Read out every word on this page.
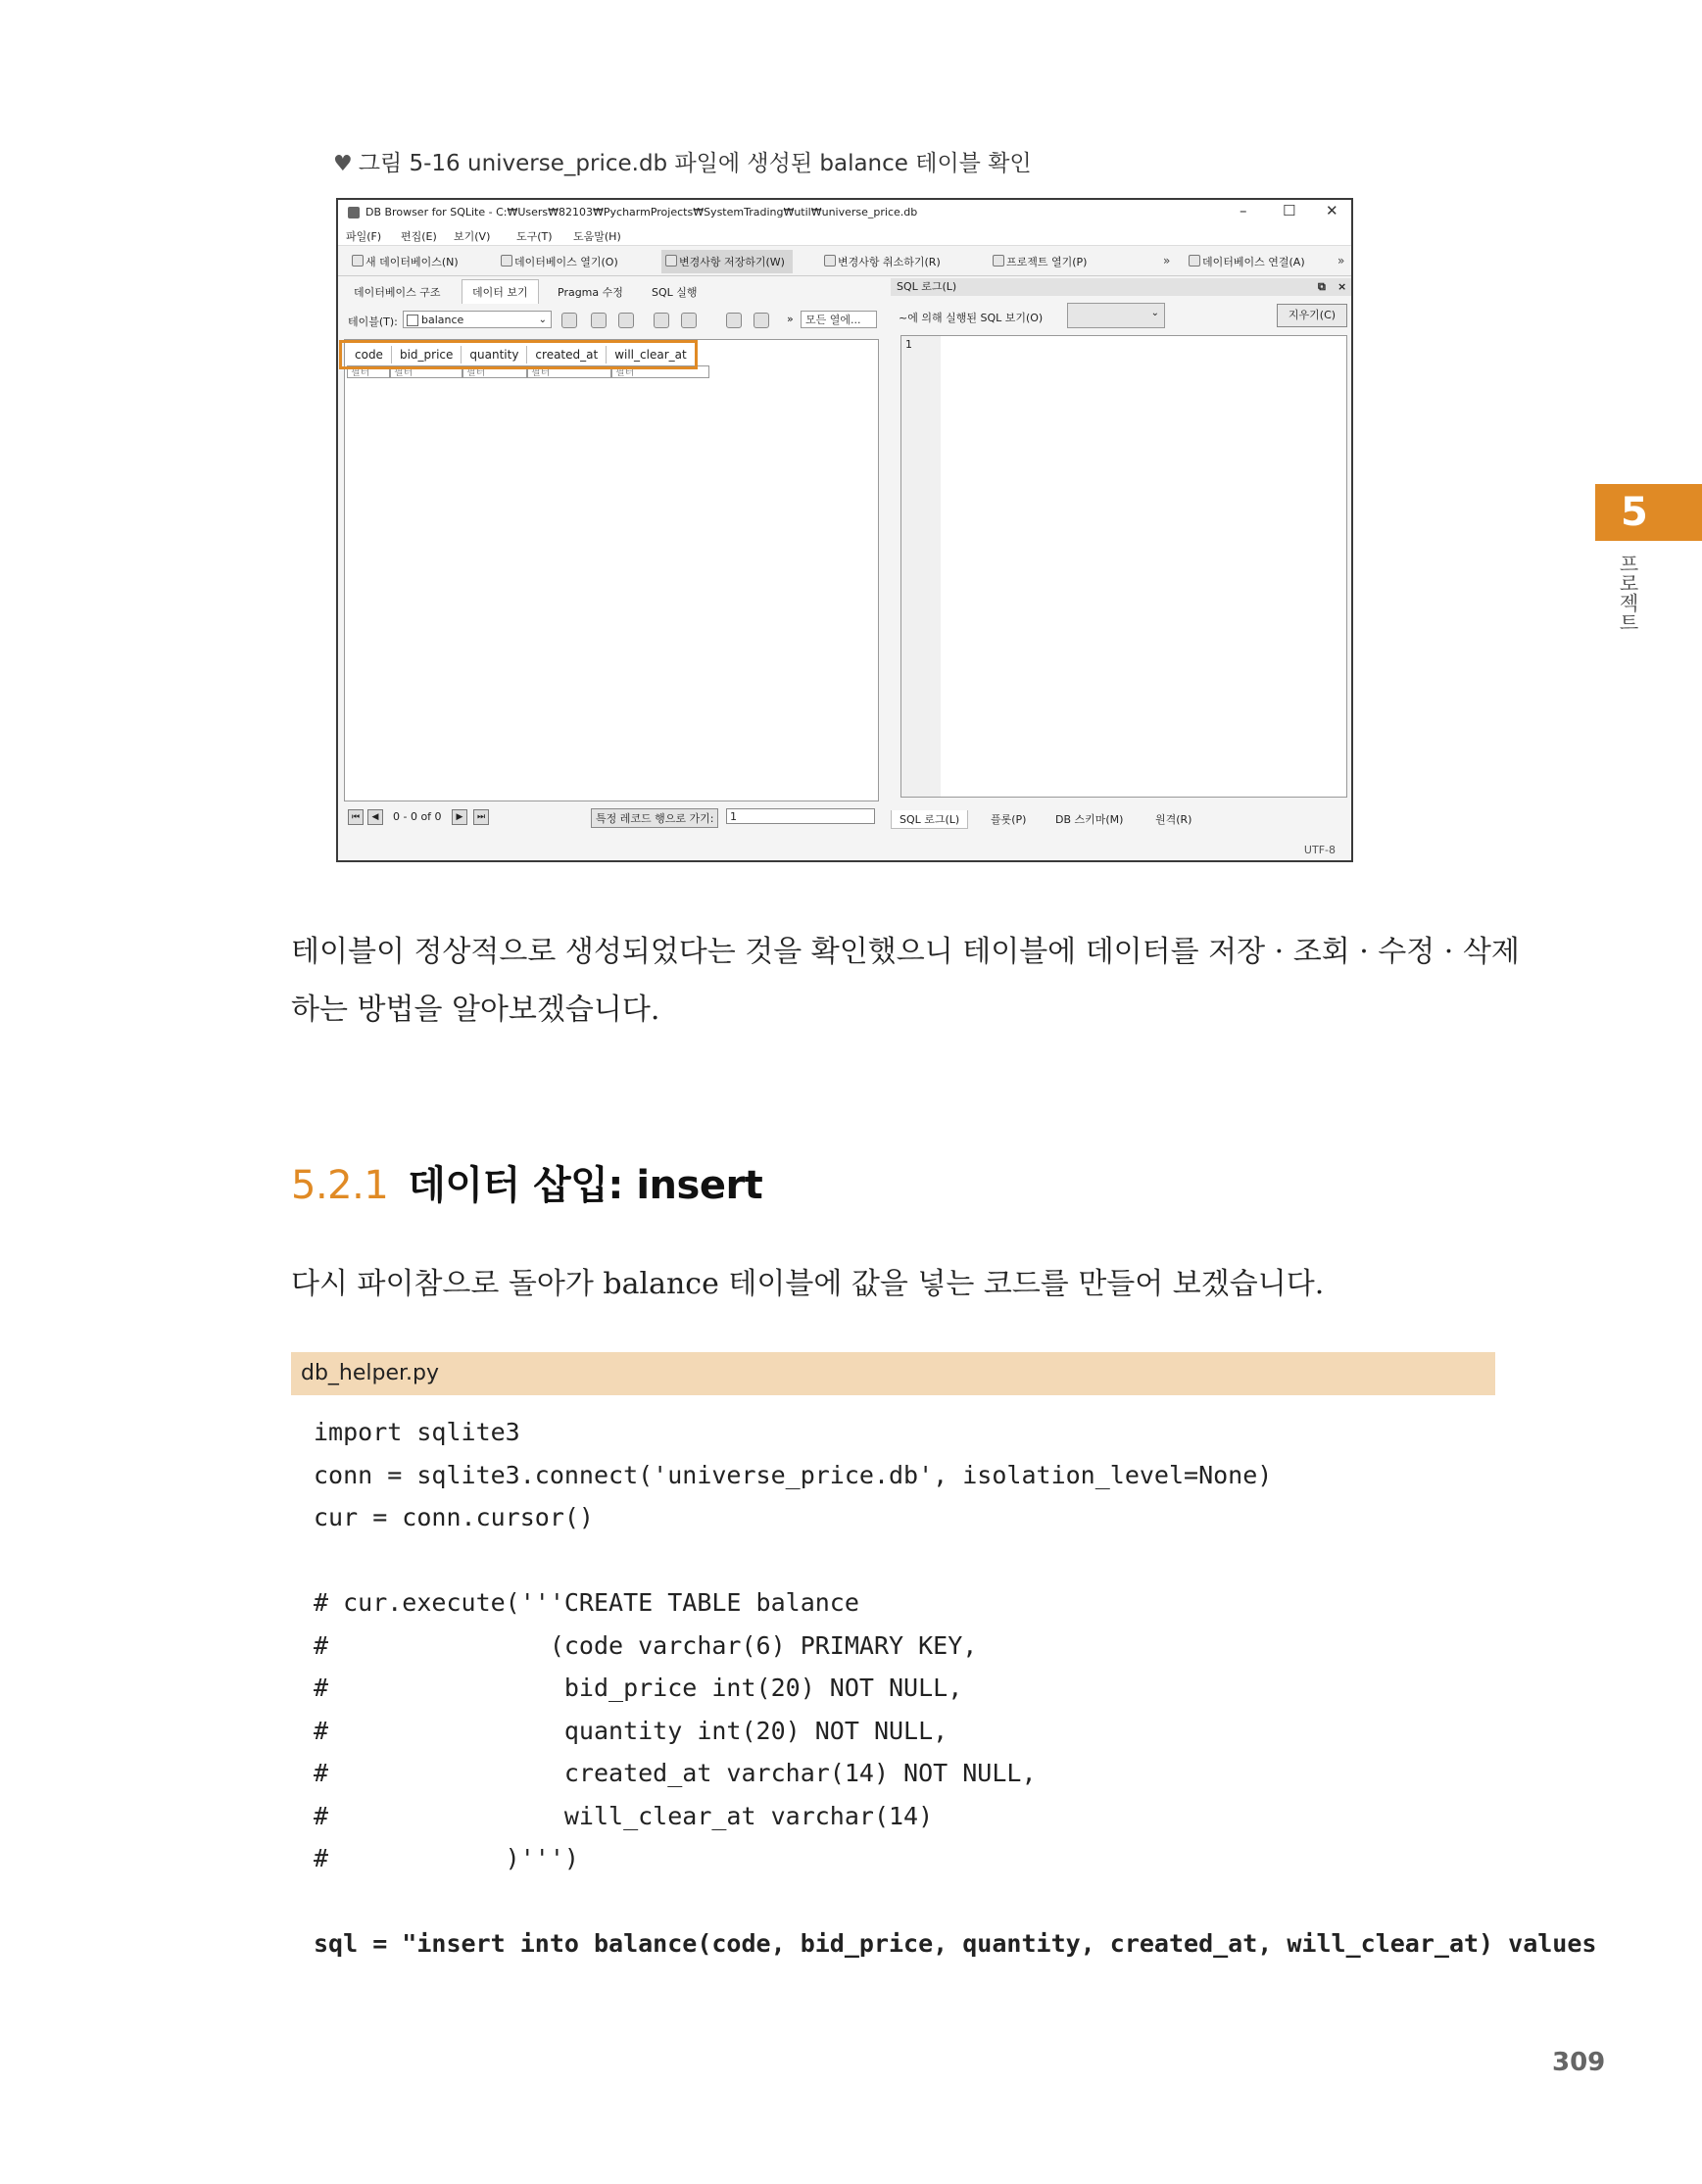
♥ 그림 5-16 universe_price.db 파일에 생성된 balance 테이블 확인
DB Browser for SQLite - C:₩Users₩82103₩PycharmProjects₩SystemTrading₩util₩universe_price.db	– ☐ ✕
파일(F) 편집(E) 보기(V) 도구(T) 도움말(H)
새 데이터베이스(N)	데이터베이스 열기(O)	변경사항 저장하기(W)	변경사항 취소하기(R)	프로젝트 열기(P)	»	데이터베이스 연결(A)	»
데이터베이스 구조	데이터 보기	Pragma 수정	SQL 실행
테이블(T):	balance	⌄	»	모든 열에...
code	bid_price	quantity	created_at	will_clear_at
필터	필터	필터	필터	필터
⏮	◀	0 - 0 of 0	▶	⏭	특정 레코드 행으로 가기:	1
SQL 로그(L)	⧉ ×
~에 의해 실행된 SQL 보기(O)	⌄	지우기(C)
1
SQL 로그(L)	플롯(P)	DB 스키마(M)	원격(R)
UTF-8
5
프로젝트
테이블이 정상적으로 생성되었다는 것을 확인했으니 테이블에 데이터를 저장 · 조회 · 수정 · 삭제
하는 방법을 알아보겠습니다.
5.2.1 데이터 삽입: insert
다시 파이참으로 돌아가 balance 테이블에 값을 넣는 코드를 만들어 보겠습니다.
db_helper.py
import sqlite3
conn = sqlite3.connect('universe_price.db', isolation_level=None)
cur = conn.cursor()
# cur.execute('''CREATE TABLE balance
#               (code varchar(6) PRIMARY KEY,
#                bid_price int(20) NOT NULL,
#                quantity int(20) NOT NULL,
#                created_at varchar(14) NOT NULL,
#                will_clear_at varchar(14)
#            )''')
sql = "insert into balance(code, bid_price, quantity, created_at, will_clear_at) values
309
